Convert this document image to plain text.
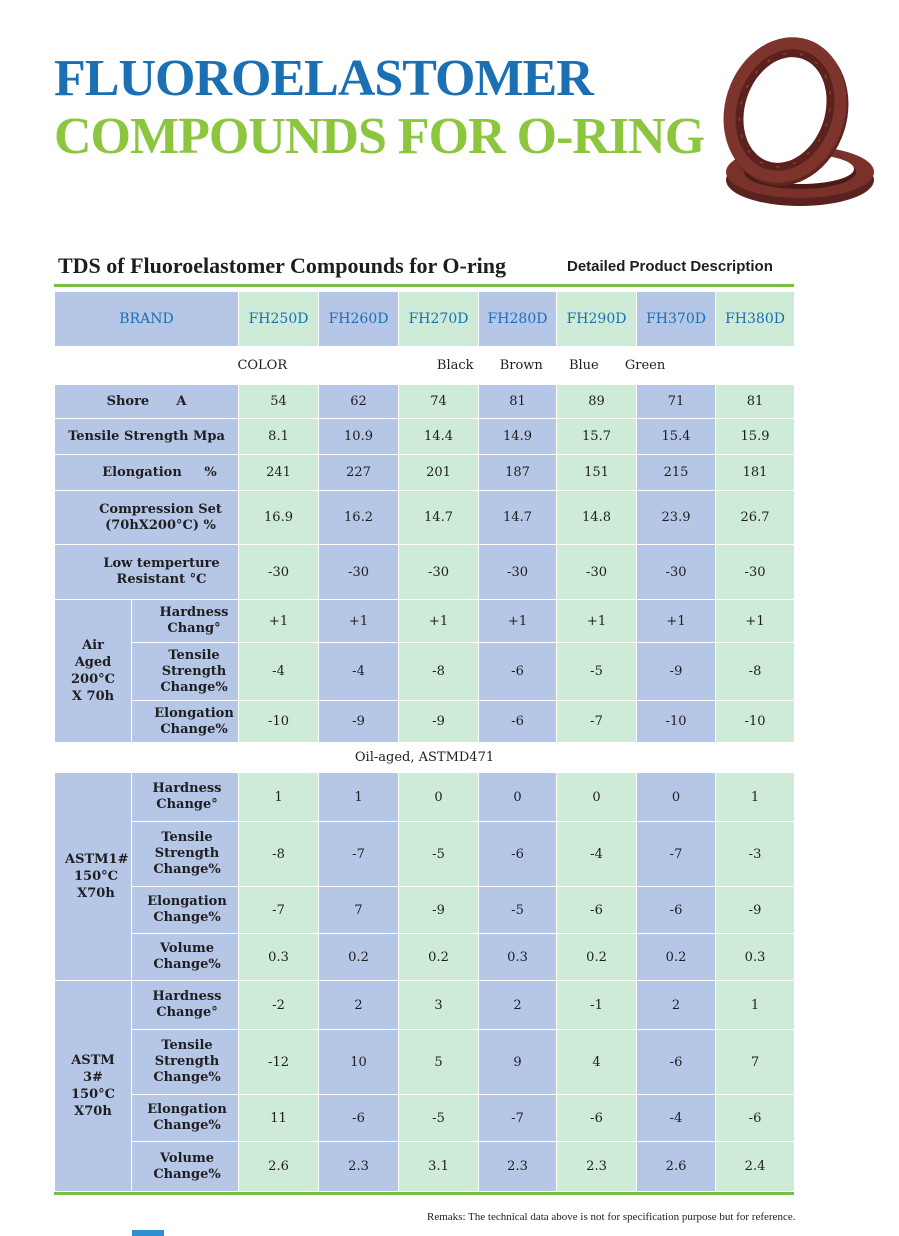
FLUOROELASTOMER
COMPOUNDS FOR O-RING
TDS of Fluoroelastomer Compounds for O-ring	Detailed Product Description
BRAND		FH250D	FH260D	FH270D	FH280D	FH290D	FH370D	FH380D
COLOR Black Brown Blue Green								
Shore      A		54	62	74	81	89	71	81
Tensile Strength Mpa		8.1	10.9	14.4	14.9	15.7	15.4	15.9
Elongation     %		241	227	201	187	151	215	181

Compression Set
(70hX200°C) %		16.9	16.2	14.7	14.7	14.8	23.9	26.7

Low temperture
Resistant °C		-30	-30	-30	-30	-30	-30	-30

Air
Aged
200°C
X 70h	Hardness
Chang°	+1	+1	+1	+1	+1	+1	+1

	Tensile
Strength
Change%	-4	-4	-8	-6	-5	-9	-8

	Elongation
Change%	-10	-9	-9	-6	-7	-10	-10
Oil-aged, ASTMD471								

ASTM1#
150°C
X70h	Hardness
Change°	1	1	0	0	0	0	1

	Tensile
Strength
Change%	-8	-7	-5	-6	-4	-7	-3

	Elongation
Change%	-7	7	-9	-5	-6	-6	-9

	Volume
Change%	0.3	0.2	0.2	0.3	0.2	0.2	0.3

ASTM
3#
150°C
X70h	Hardness
Change°	-2	2	3	2	-1	2	1

	Tensile
Strength
Change%	-12	10	5	9	4	-6	7

	Elongation
Change%	11	-6	-5	-7	-6	-4	-6

	Volume
Change%	2.6	2.3	3.1	2.3	2.3	2.6	2.4
Remaks: The technical data above is not for specification purpose but for reference.
